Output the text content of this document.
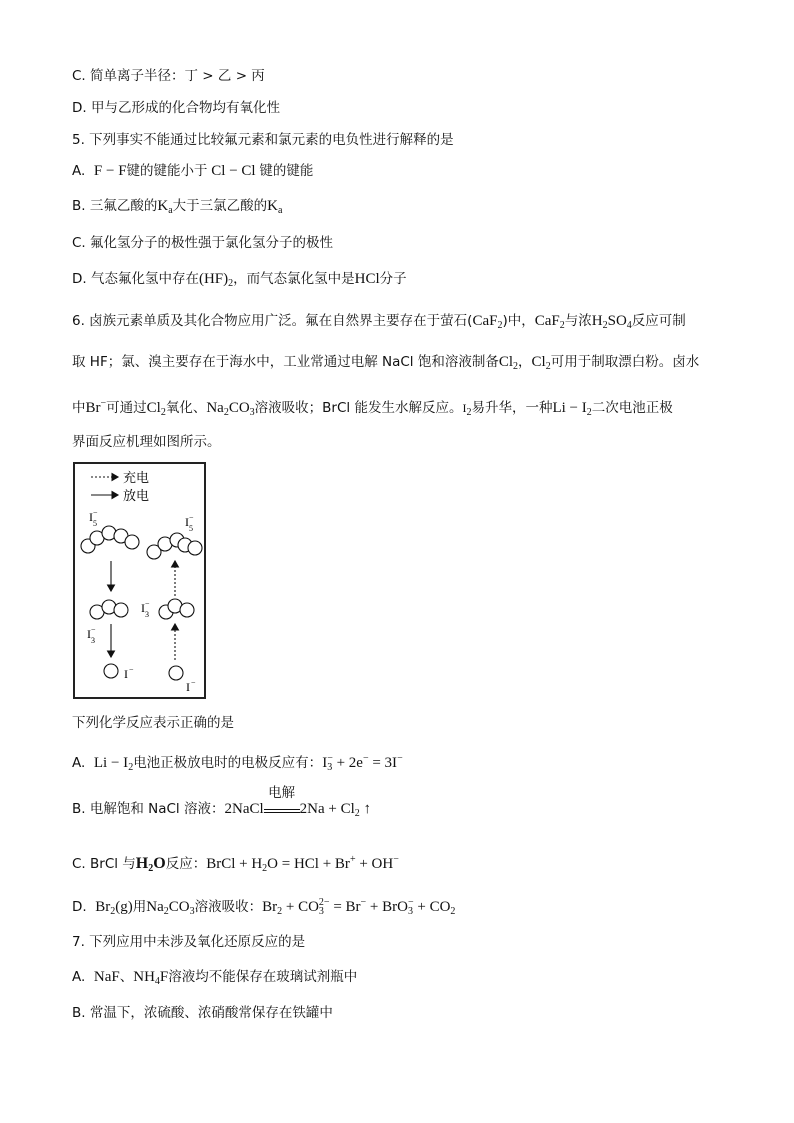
C. 简单离子半径：丁 > 乙 > 丙
D. 甲与乙形成的化合物均有氧化性
5. 下列事实不能通过比较氟元素和氯元素的电负性进行解释的是
A. F − F键的键能小于 Cl − Cl 键的键能
B. 三氟乙酸的$K_a$大于三氯乙酸的$K_a$
C. 氟化氢分子的极性强于氯化氢分子的极性
D. 气态氟化氢中存在$(HF)_2$，而气态氯化氢中是HCl分子
6. 卤族元素单质及其化合物应用广泛。氟在自然界主要存在于萤石(CaF$_2$)中，CaF$_2$与浓$H_2SO_4$反应可制
取 HF；氯、溴主要存在于海水中，工业常通过电解 NaCl 饱和溶液制备$Cl_2$，$Cl_2$可用于制取漂白粉。卤水
中Br−可通过$Cl_2$氧化、$Na_2CO_3$溶液吸收；BrCl 能发生水解反应。$I_2$易升华，一种$Li - I_2$二次电池正极
界面反应机理如图所示。
充电
放电
I 5
−
I 3
−
I −
I 5
−
I 3
−
I −
下列化学反应表示正确的是
A. $Li - I_2$电池正极放电时的电极反应有：$I_3^- + 2e^- = 3I^-$
B. 电解饱和 NaCl 溶液：2NaCl
电解
$2Na + Cl_2$ ↑
C. BrCl 与H2O反应：BrCl + $H_2O$ = HCl + Br+ + OH−
D. $Br_2(g)$用$Na_2CO_3$溶液吸收：$Br_2 + CO_3^{2-} = Br^- + BrO_3^- + CO_2$
7. 下列应用中未涉及氧化还原反应的是
A. NaF、$NH_4F$溶液均不能保存在玻璃试剂瓶中
B. 常温下，浓硫酸、浓硝酸常保存在铁罐中
